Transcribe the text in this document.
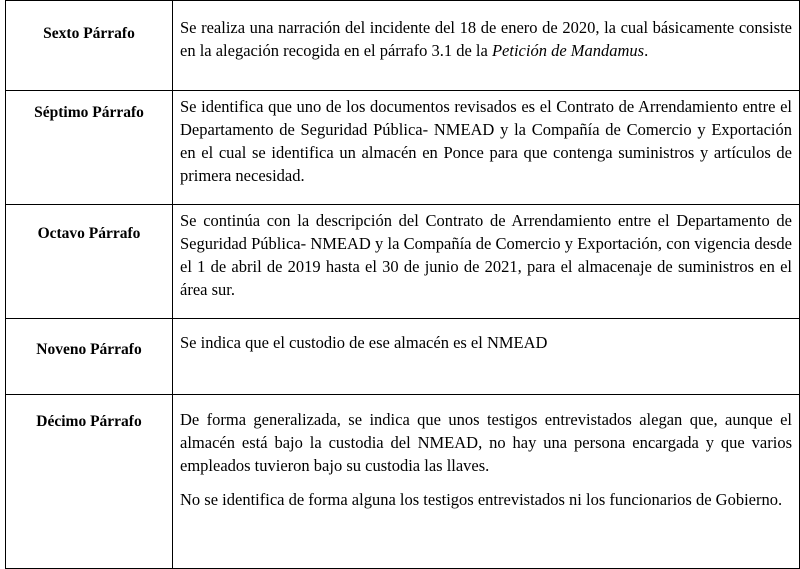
Sexto Párrafo	Se realiza una narración del incidente del 18 de enero de 2020, la cual básicamente consiste en la alegación recogida en el párrafo 3.1 de la Petición de Mandamus.

Séptimo Párrafo	Se identifica que uno de los documentos revisados es el Contrato de Arrendamiento entre el Departamento de Seguridad Pública- NMEAD y la Compañía de Comercio y Exportación en el cual se identifica un almacén en Ponce para que contenga suministros y artículos de primera necesidad.

Octavo Párrafo	Se continúa con la descripción del Contrato de Arrendamiento entre el Departamento de Seguridad Pública- NMEAD y la Compañía de Comercio y Exportación, con vigencia desde el 1 de abril de 2019 hasta el 30 de junio de 2021, para el almacenaje de suministros en el área sur.

Noveno Párrafo	Se indica que el custodio de ese almacén es el NMEAD

Décimo Párrafo	De forma generalizada, se indica que unos testigos entrevistados alegan que, aunque el almacén está bajo la custodia del NMEAD, no hay una persona encargada y que varios empleados tuvieron bajo su custodia las llaves.

No se identifica de forma alguna los testigos entrevistados ni los funcionarios de Gobierno.
